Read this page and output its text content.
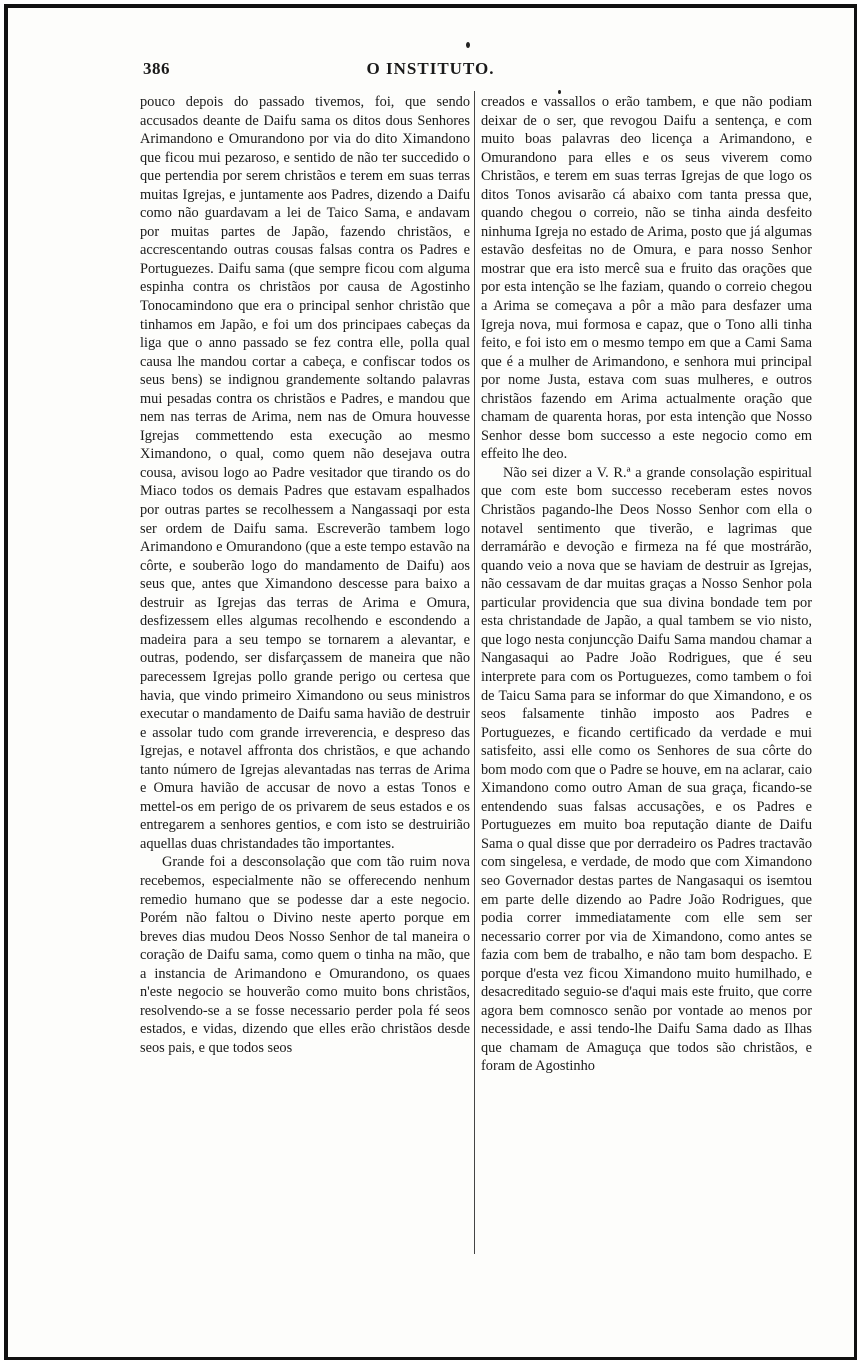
386	O INSTITUTO.

pouco depois do passado tivemos, foi, que sendo accusados deante de Daifu sama os ditos dous Senhores Arimandono e Omurandono por via do dito Ximandono que ficou mui pezaroso, e sentido de não ter succedido o que pertendia por serem christãos e terem em suas terras muitas Igrejas, e juntamente aos Padres, dizendo a Daifu como não guardavam a lei de Taico Sama, e andavam por muitas partes de Japão, fazendo christãos, e accrescentando outras cousas falsas contra os Padres e Portuguezes. Daifu sama (que sempre ficou com alguma espinha contra os christãos por causa de Agostinho Tonocamindono que era o principal senhor christão que tinhamos em Japão, e foi um dos principaes cabeças da liga que o anno passado se fez contra elle, polla qual causa lhe mandou cortar a cabeça, e confiscar todos os seus bens) se indignou grandemente soltando palavras mui pesadas contra os christãos e Padres, e mandou que nem nas terras de Arima, nem nas de Omura houvesse Igrejas commettendo esta execução ao mesmo Ximandono, o qual, como quem não desejava outra cousa, avisou logo ao Padre vesitador que tirando os do Miaco todos os demais Padres que estavam espalhados por outras partes se recolhessem a Nangassaqi por esta ser ordem de Daifu sama. Escreverão tambem logo Arimandono e Omurandono (que a este tempo estavão na côrte, e souberão logo do mandamento de Daifu) aos seus que, antes que Ximandono descesse para baixo a destruir as Igrejas das terras de Arima e Omura, desfizessem elles algumas recolhendo e escondendo a madeira para a seu tempo se tornarem a alevantar, e outras, podendo, ser disfarçassem de maneira que não parecessem Igrejas pollo grande perigo ou certesa que havia, que vindo primeiro Ximandono ou seus ministros executar o mandamento de Daifu sama havião de destruir e assolar tudo com grande irreverencia, e despreso das Igrejas, e notavel affronta dos christãos, e que achando tanto número de Igrejas alevantadas nas terras de Arima e Omura havião de accusar de novo a estas Tonos e mettel-os em perigo de os privarem de seus estados e os entregarem a senhores gentios, e com isto se destruirião aquellas duas christandades tão importantes.

Grande foi a desconsolação que com tão ruim nova recebemos, especialmente não se offerecendo nenhum remedio humano que se podesse dar a este negocio. Porém não faltou o Divino neste aperto porque em breves dias mudou Deos Nosso Senhor de tal maneira o coração de Daifu sama, como quem o tinha na mão, que a instancia de Arimandono e Omurandono, os quaes n'este negocio se houverão como muito bons christãos, resolvendo-se a se fosse necessario perder pola fé seos estados, e vidas, dizendo que elles erão christãos desde seos pais, e que todos seos

creados e vassallos o erão tambem, e que não podiam deixar de o ser, que revogou Daifu a sentença, e com muito boas palavras deo licença a Arimandono, e Omurandono para elles e os seus viverem como Christãos, e terem em suas terras Igrejas de que logo os ditos Tonos avisarão cá abaixo com tanta pressa que, quando chegou o correio, não se tinha ainda desfeito ninhuma Igreja no estado de Arima, posto que já algumas estavão desfeitas no de Omura, e para nosso Senhor mostrar que era isto mercê sua e fruito das orações que por esta intenção se lhe faziam, quando o correio chegou a Arima se começava a pôr a mão para desfazer uma Igreja nova, mui formosa e capaz, que o Tono alli tinha feito, e foi isto em o mesmo tempo em que a Cami Sama que é a mulher de Arimandono, e senhora mui principal por nome Justa, estava com suas mulheres, e outros christãos fazendo em Arima actualmente oração que chamam de quarenta horas, por esta intenção que Nosso Senhor desse bom successo a este negocio como em effeito lhe deo.

Não sei dizer a V. R.ª a grande consolação espiritual que com este bom successo receberam estes novos Christãos pagando-lhe Deos Nosso Senhor com ella o notavel sentimento que tiverão, e lagrimas que derramárão e devoção e firmeza na fé que mostrárão, quando veio a nova que se haviam de destruir as Igrejas, não cessavam de dar muitas graças a Nosso Senhor pola particular providencia que sua divina bondade tem por esta christandade de Japão, a qual tambem se vio nisto, que logo nesta conjuncção Daifu Sama mandou chamar a Nangasaqui ao Padre João Rodrigues, que é seu interprete para com os Portuguezes, como tambem o foi de Taicu Sama para se informar do que Ximandono, e os seos falsamente tinhão imposto aos Padres e Portuguezes, e ficando certificado da verdade e mui satisfeito, assi elle como os Senhores de sua côrte do bom modo com que o Padre se houve, em na aclarar, caio Ximandono como outro Aman de sua graça, ficando-se entendendo suas falsas accusações, e os Padres e Portuguezes em muito boa reputação diante de Daifu Sama o qual disse que por derradeiro os Padres tractavão com singelesa, e verdade, de modo que com Ximandono seo Governador destas partes de Nangasaqui os isemtou em parte delle dizendo ao Padre João Rodrigues, que podia correr immediatamente com elle sem ser necessario correr por via de Ximandono, como antes se fazia com bem de trabalho, e não tam bom despacho. E porque d'esta vez ficou Ximandono muito humilhado, e desacreditado seguio-se d'aqui mais este fruito, que corre agora bem comnosco senão por vontade ao menos por necessidade, e assi tendo-lhe Daifu Sama dado as Ilhas que chamam de Amaguça que todos são christãos, e foram de Agostinho
